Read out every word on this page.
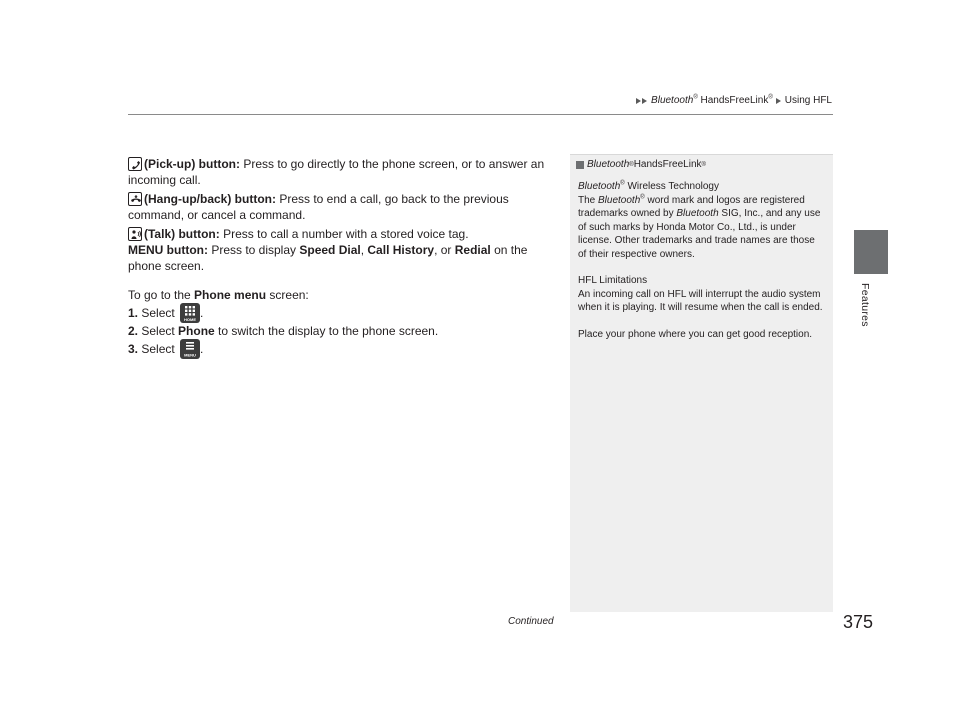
Bluetooth® HandsFreeLink® Using HFL
Features

(Pick-up) button: Press to go directly to the phone screen, or to answer an incoming call.

(Hang-up/back) button: Press to end a call, go back to the previous command, or cancel a command.

(Talk) button: Press to call a number with a stored voice tag.

MENU button: Press to display Speed Dial, Call History, or Redial on the phone screen.

To go to the Phone menu screen:

1. Select HOME .

2. Select Phone to switch the display to the phone screen.

3. Select MENU .

Bluetooth ® HandsFreeLink ®

Bluetooth® Wireless Technology

The Bluetooth® word mark and logos are registered trademarks owned by Bluetooth SIG, Inc., and any use of such marks by Honda Motor Co., Ltd., is under license. Other trademarks and trade names are those of their respective owners.

HFL Limitations

An incoming call on HFL will interrupt the audio system when it is playing. It will resume when the call is ended.

Place your phone where you can get good reception.

Continued	375
